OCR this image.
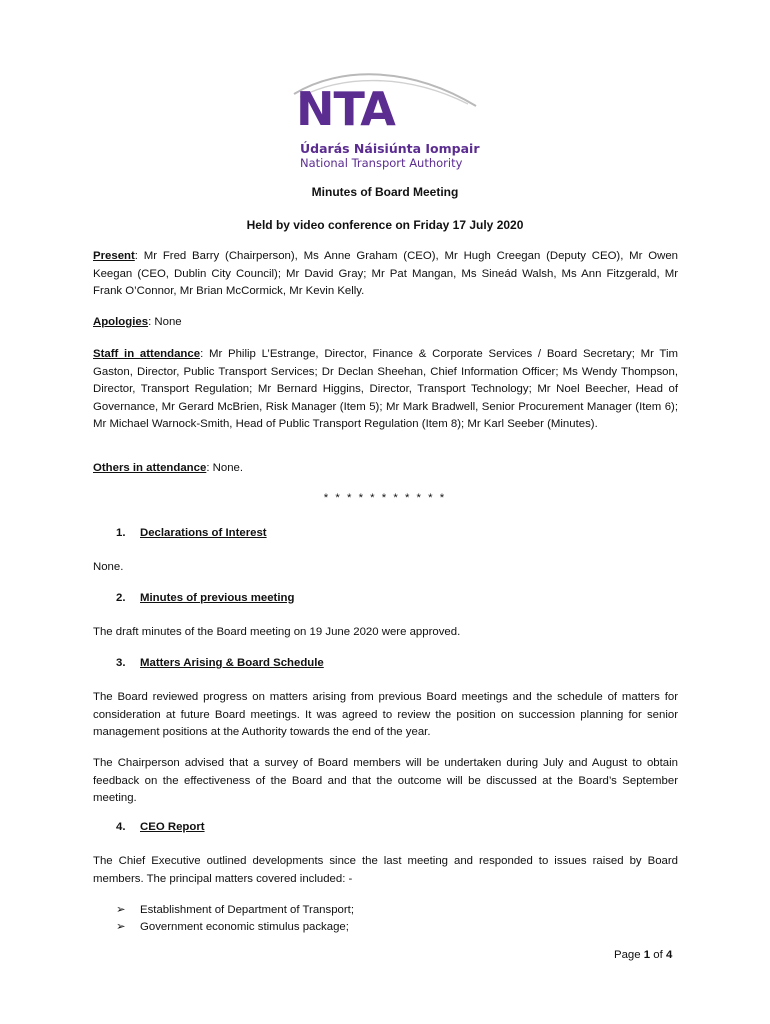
NTA
Údarás Náisiúnta Iompair
National Transport Authority
Minutes of Board Meeting
Held by video conference on Friday 17 July 2020
Present: Mr Fred Barry (Chairperson), Ms Anne Graham (CEO), Mr Hugh Creegan (Deputy CEO), Mr Owen Keegan (CEO, Dublin City Council); Mr David Gray; Mr Pat Mangan, Ms Sineád Walsh, Ms Ann Fitzgerald, Mr Frank O’Connor, Mr Brian McCormick, Mr Kevin Kelly.
Apologies: None
Staff in attendance: Mr Philip L’Estrange, Director, Finance & Corporate Services / Board Secretary; Mr Tim Gaston, Director, Public Transport Services; Dr Declan Sheehan, Chief Information Officer; Ms Wendy Thompson, Director, Transport Regulation; Mr Bernard Higgins, Director, Transport Technology; Mr Noel Beecher, Head of Governance, Mr Gerard McBrien, Risk Manager (Item 5); Mr Mark Bradwell, Senior Procurement Manager (Item 6); Mr Michael Warnock-Smith, Head of Public Transport Regulation (Item 8); Mr Karl Seeber (Minutes).
Others in attendance: None.
* * * * * * * * * * *
1. Declarations of Interest
None.
2. Minutes of previous meeting
The draft minutes of the Board meeting on 19 June 2020 were approved.
3. Matters Arising & Board Schedule
The Board reviewed progress on matters arising from previous Board meetings and the schedule of matters for consideration at future Board meetings. It was agreed to review the position on succession planning for senior management positions at the Authority towards the end of the year.
The Chairperson advised that a survey of Board members will be undertaken during July and August to obtain feedback on the effectiveness of the Board and that the outcome will be discussed at the Board’s September meeting.
4. CEO Report
The Chief Executive outlined developments since the last meeting and responded to issues raised by Board members. The principal matters covered included: -
➢ Establishment of Department of Transport;
➢ Government economic stimulus package;
Page 1 of 4
